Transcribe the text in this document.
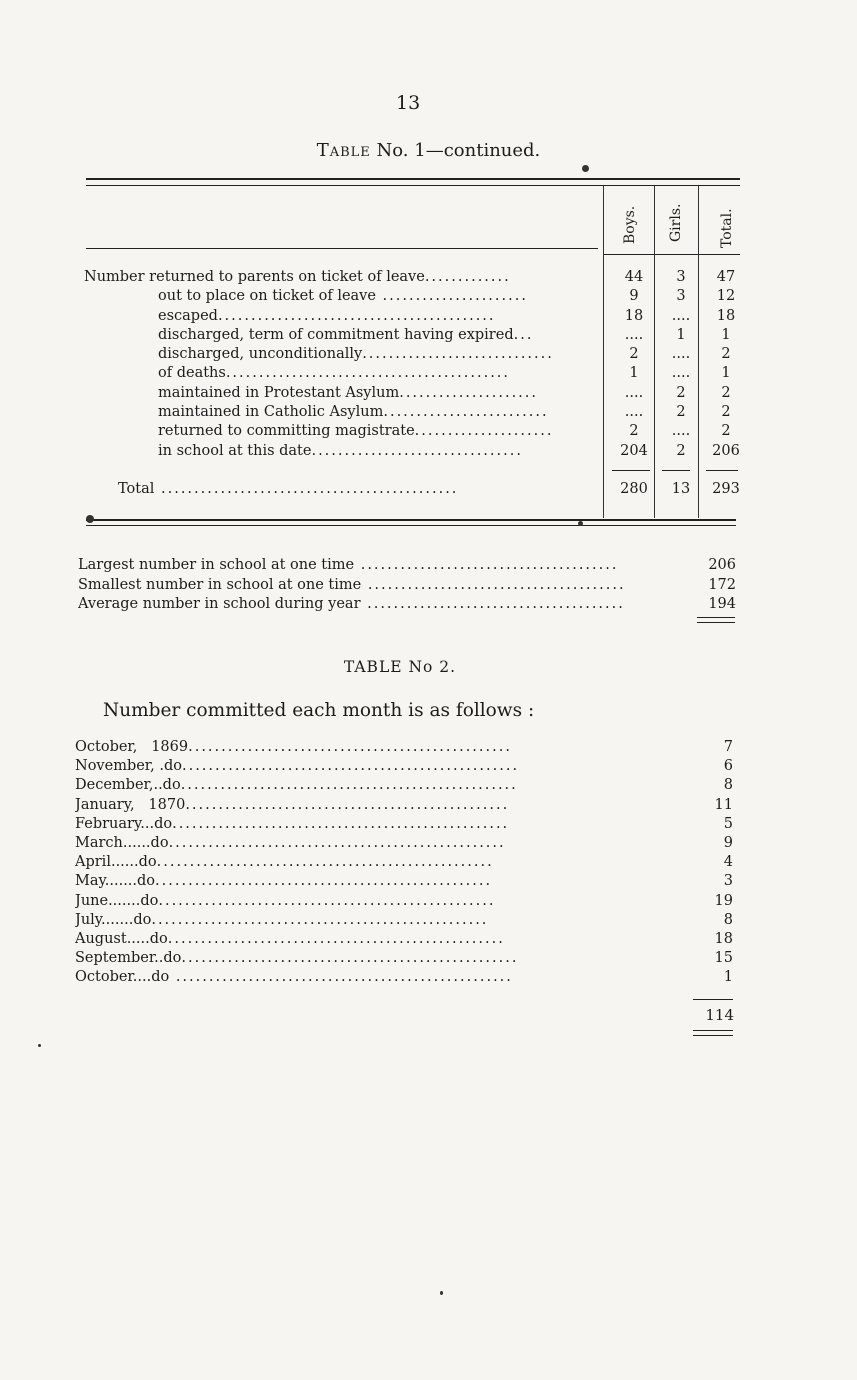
13
Table No. 1—continued.
Boys. Girls.	Total.
Number returned to parents on ticket of leave.............	44	3	47
out to place on ticket of leave ......................	9	3	12
escaped..........................................	18	....	18
discharged, term of commitment having expired...	....	1	1
discharged, unconditionally.............................	2	....	2
of deaths...........................................	1	....	1
maintained in Protestant Asylum.....................	....	2	2
maintained in Catholic Asylum.........................	....	2	2
returned to committing magistrate.....................	2	....	2
in school at this date................................	204	2	206
Total .............................................	280	13	293
Largest number in school at one time .......................................	206
Smallest number in school at one time .......................................	172
Average number in school during year .......................................	194
TABLE No 2.
Number committed each month is as follows :
October,   1869.................................................	7
November, .do...................................................	6
December,..do...................................................	8
January,   1870.................................................	11
February...do...................................................	5
March......do...................................................	9
April......do...................................................	4
May.......do...................................................	3
June.......do...................................................	19
July.......do...................................................	8
August.....do...................................................	18
September..do...................................................	15
October....do ...................................................	1
114
